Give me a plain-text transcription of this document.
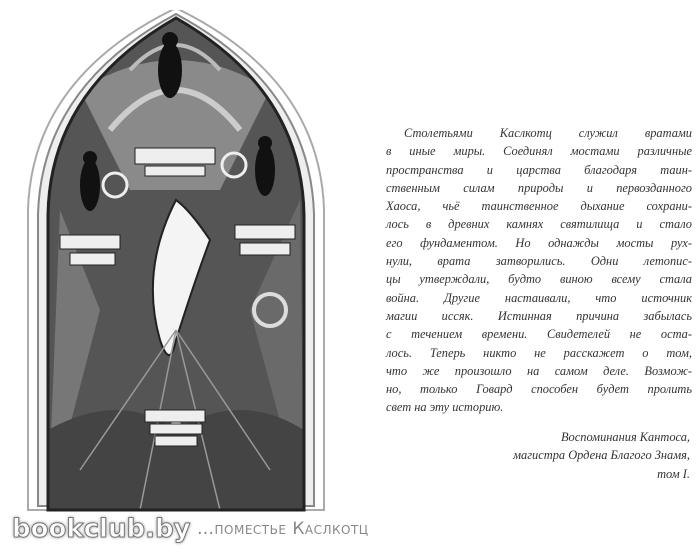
bookclub.by …поместье Каслкотц
Столетьями Каслкотц служил вратами
в иные миры. Соединял мостами различные
пространства и царства благодаря таин-
ственным силам природы и первозданного
Хаоса, чьё таинственное дыхание сохрани-
лось в древних камнях святилища и стало
его фундаментом. Но однажды мосты рух-
нули, врата затворились. Одни летопис-
цы утверждали, будто виною всему стала
война. Другие настаивали, что источник
магии иссяк. Истинная причина забылась
с течением времени. Свидетелей не оста-
лось. Теперь никто не расскажет о том,
что же произошло на самом деле. Возмож-
но, только Говард способен будет пролить
свет на эту историю.
Воспоминания Кантоса,
магистра Ордена Благого Знамя,
том I.
